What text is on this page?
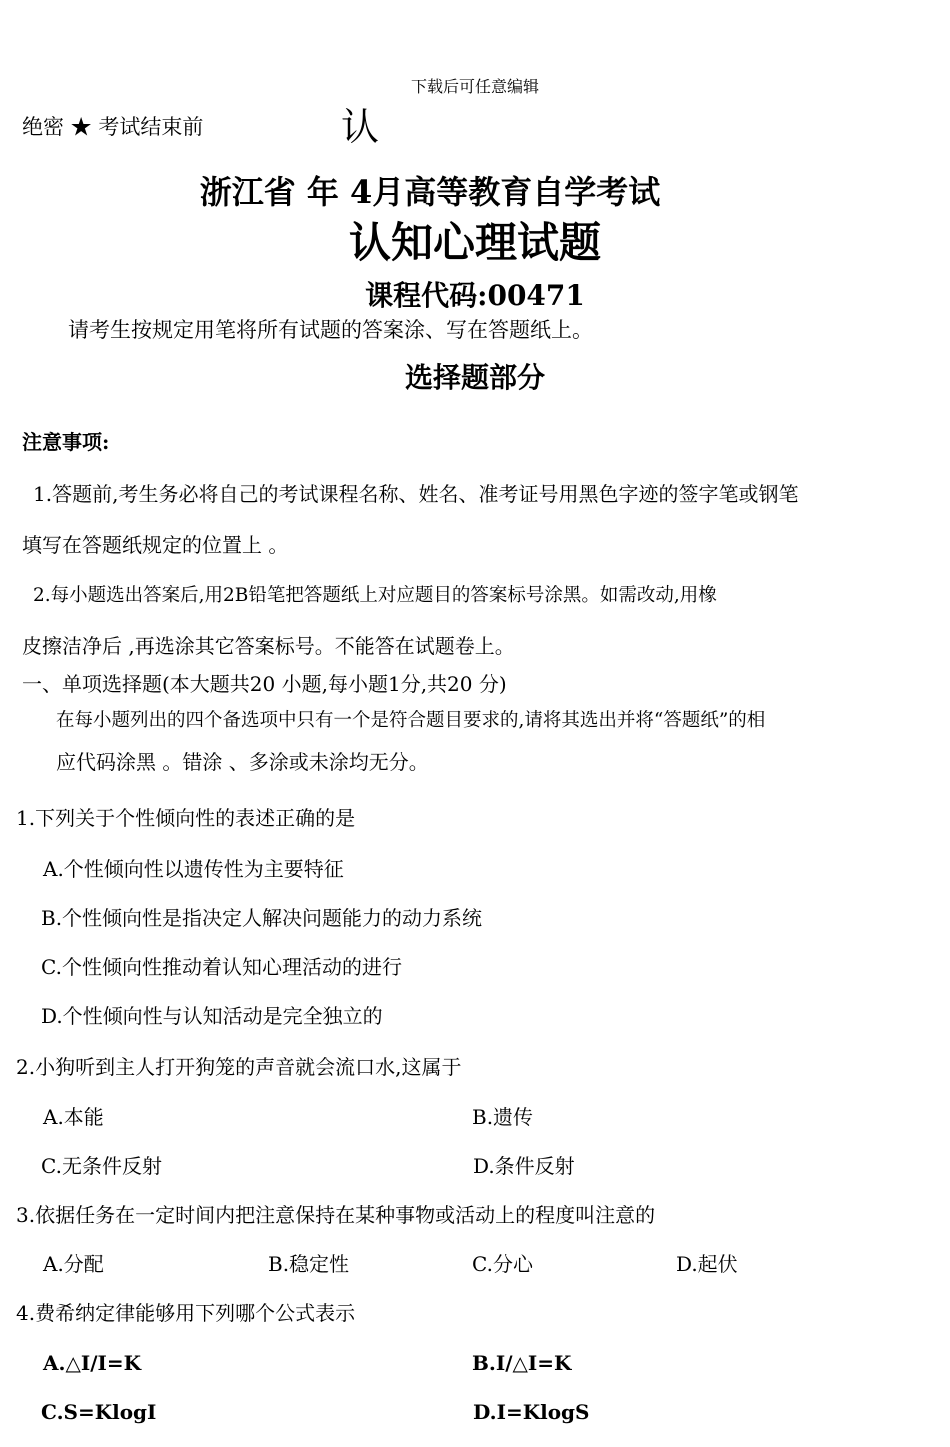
下载后可任意编辑
绝密 ★ 考试结束前	认
浙江省 年 4月高等教育自学考试
认知心理试题
课程代码:00471
请考生按规定用笔将所有试题的答案涂、写在答题纸上。
选择题部分
注意事项:
1.答题前,考生务必将自己的考试课程名称、姓名、准考证号用黑色字迹的签字笔或钢笔
填写在答题纸规定的位置上 。
2.每小题选出答案后,用2B铅笔把答题纸上对应题目的答案标号涂黑。如需改动,用橡
皮擦洁净后 ,再选涂其它答案标号。不能答在试题卷上。
一、单项选择题(本大题共20 小题,每小题1分,共20 分)
在每小题列出的四个备选项中只有一个是符合题目要求的,请将其选出并将“答题纸”的相
应代码涂黑 。错涂 、多涂或未涂均无分。
1.下列关于个性倾向性的表述正确的是
A.个性倾向性以遗传性为主要特征
B.个性倾向性是指决定人解决问题能力的动力系统
C.个性倾向性推动着认知心理活动的进行
D.个性倾向性与认知活动是完全独立的
2.小狗听到主人打开狗笼的声音就会流口水,这属于
A.本能	B.遗传
C.无条件反射	D.条件反射
3.依据任务在一定时间内把注意保持在某种事物或活动上的程度叫注意的
A.分配	B.稳定性	C.分心	D.起伏
4.费希纳定律能够用下列哪个公式表示
A.△I/I=K	B.I/△I=K
C.S=KlogI	D.I=KlogS
